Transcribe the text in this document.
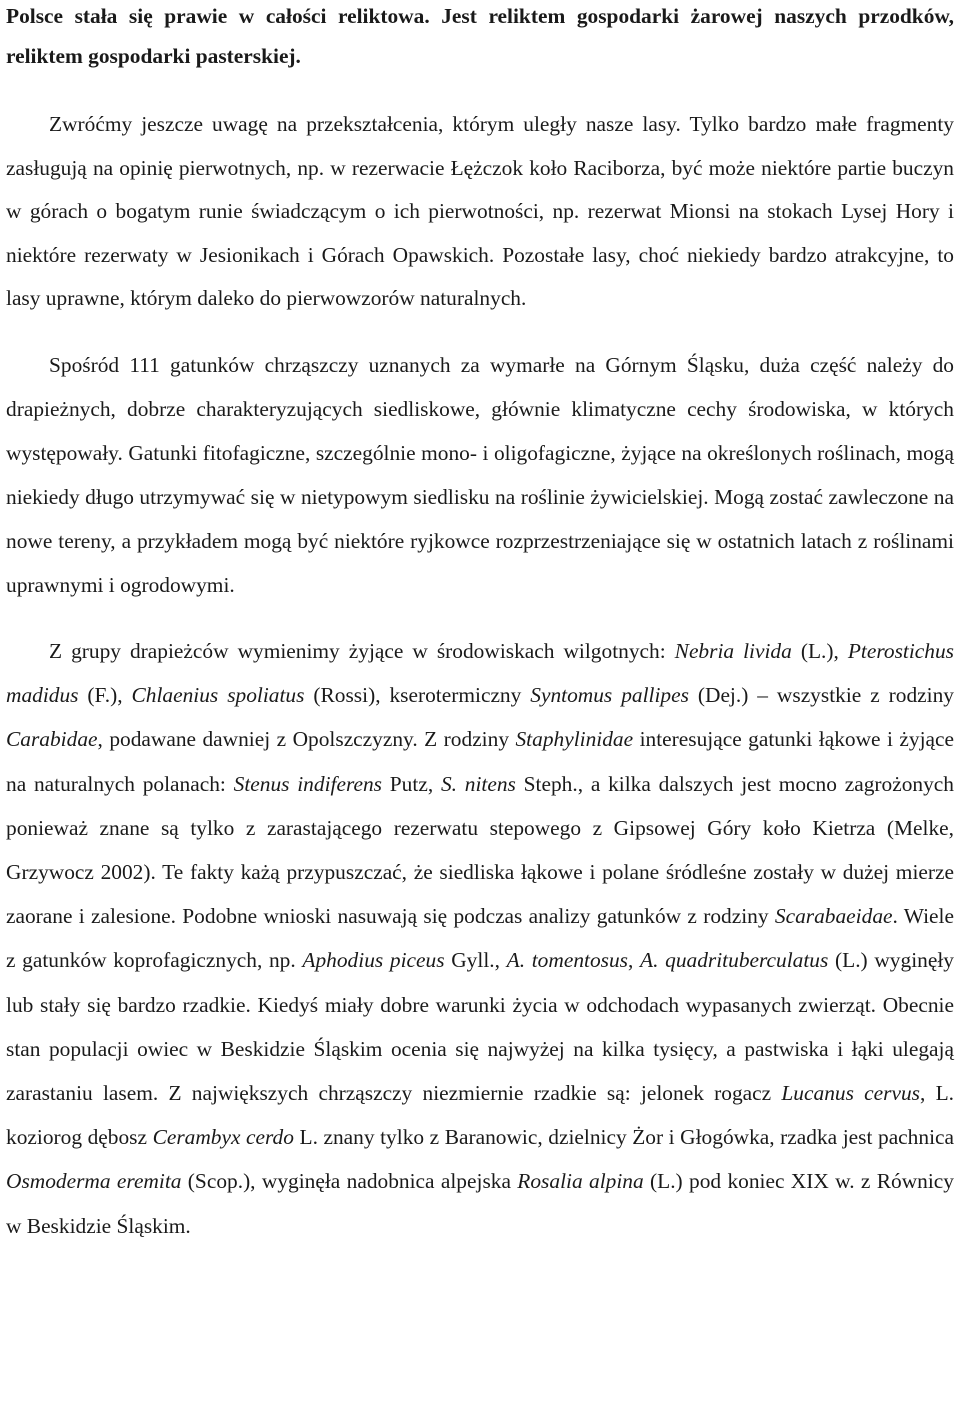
Polsce stała się prawie w całości reliktowa. Jest reliktem gospodarki żarowej naszych przodków, reliktem gospodarki pasterskiej.

Zwróćmy jeszcze uwagę na przekształcenia, którym uległy nasze lasy. Tylko bardzo małe fragmenty zasługują na opinię pierwotnych, np. w rezerwacie Łężczok koło Raciborza, być może niektóre partie buczyn w górach o bogatym runie świadczącym o ich pierwotności, np. rezerwat Mionsi na stokach Lysej Hory i niektóre rezerwaty w Jesionikach i Górach Opawskich. Pozostałe lasy, choć niekiedy bardzo atrakcyjne, to lasy uprawne, którym daleko do pierwowzorów naturalnych.

Spośród 111 gatunków chrząszczy uznanych za wymarłe na Górnym Śląsku, duża część należy do drapieżnych, dobrze charakteryzujących siedliskowe, głównie klimatyczne cechy środowiska, w których występowały. Gatunki fitofagiczne, szczególnie mono- i oligofagiczne, żyjące na określonych roślinach, mogą niekiedy długo utrzymywać się w nietypowym siedlisku na roślinie żywicielskiej. Mogą zostać zawleczone na nowe tereny, a przykładem mogą być niektóre ryjkowce rozprzestrzeniające się w ostatnich latach z roślinami uprawnymi i ogrodowymi.

Z grupy drapieżców wymienimy żyjące w środowiskach wilgotnych: Nebria livida (L.), Pterostichus madidus (F.), Chlaenius spoliatus (Rossi), kserotermiczny Syntomus pallipes (Dej.) – wszystkie z rodziny Carabidae, podawane dawniej z Opolszczyzny. Z rodziny Staphylinidae interesujące gatunki łąkowe i żyjące na naturalnych polanach: Stenus indiferens Putz, S. nitens Steph., a kilka dalszych jest mocno zagrożonych ponieważ znane są tylko z zarastającego rezerwatu stepowego z Gipsowej Góry koło Kietrza (Melke, Grzywocz 2002). Te fakty każą przypuszczać, że siedliska łąkowe i polane śródleśne zostały w dużej mierze zaorane i zalesione. Podobne wnioski nasuwają się podczas analizy gatunków z rodziny Scarabaeidae. Wiele z gatunków koprofagicznych, np. Aphodius piceus Gyll., A. tomentosus, A. quadrituberculatus (L.) wyginęły lub stały się bardzo rzadkie. Kiedyś miały dobre warunki życia w odchodach wypasanych zwierząt. Obecnie stan populacji owiec w Beskidzie Śląskim ocenia się najwyżej na kilka tysięcy, a pastwiska i łąki ulegają zarastaniu lasem. Z największych chrząszczy niezmiernie rzadkie są: jelonek rogacz Lucanus cervus, L. koziorog dębosz Cerambyx cerdo L. znany tylko z Baranowic, dzielnicy Żor i Głogówka, rzadka jest pachnica Osmoderma eremita (Scop.), wyginęła nadobnica alpejska Rosalia alpina (L.) pod koniec XIX w. z Równicy w Beskidzie Śląskim.
